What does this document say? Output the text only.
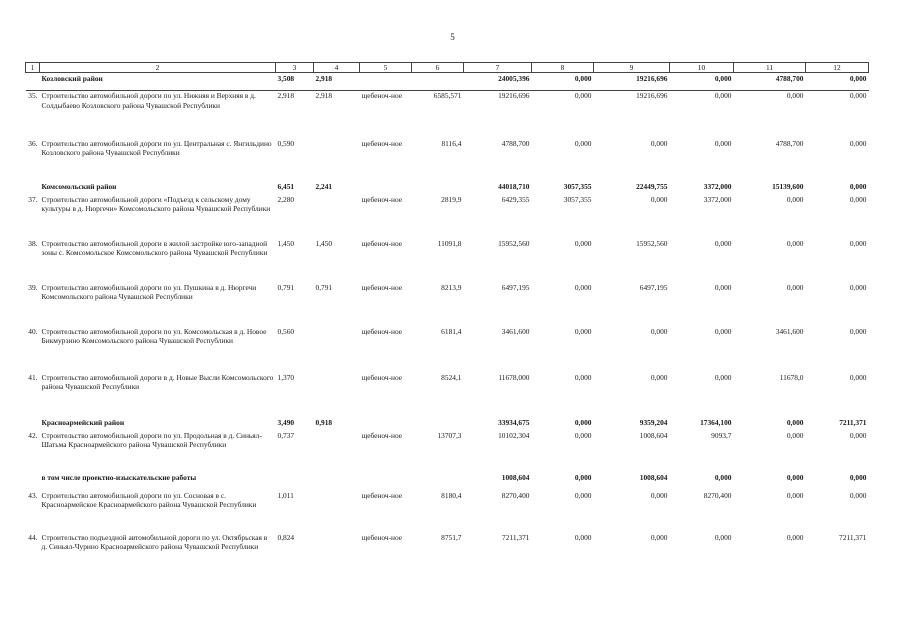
5
1	2	3	4	5	6	7	8	9	10	11	12
	Козловский район	3,508	2,918			24005,396	0,000	19216,696	0,000	4788,700	0,000
35.	Строительство автомобильной дороги по ул. Нижняя и Верхняя в д. Солдыбаево Козловского района Чувашской Республики	2,918	2,918	щебеноч-ное	6585,571	19216,696	0,000	19216,696	0,000	0,000	0,000
36.	Строительство автомобильной дороги по ул. Центральная с. Янгильдино Козловского района Чувашской Республики	0,590		щебеноч-ное	8116,4	4788,700	0,000	0,000	0,000	4788,700	0,000
	Комсомольский район	6,451	2,241			44018,710	3057,355	22449,755	3372,000	15139,600	0,000
37.	Строительство автомобильной дороги «Подъезд к сельскому дому культуры в д. Нюргечи» Комсомольского района Чувашской Республики	2,280		щебеноч-ное	2819,9	6429,355	3057,355	0,000	3372,000	0,000	0,000
38.	Строительство автомобильной дороги в жилой застройке юго-западной зоны с. Комсомольское Комсомольского района Чувашской Республики	1,450	1,450	щебеноч-ное	11091,8	15952,560	0,000	15952,560	0,000	0,000	0,000
39.	Строительство автомобильной дороги по ул. Пушкина в д. Нюргечи Комсомольского района Чувашской Республики	0,791	0,791	щебеноч-ное	8213,9	6497,195	0,000	6497,195	0,000	0,000	0,000
40.	Строительство автомобильной дороги по ул. Комсомольская в д. Новое Бикмурзино Комсомольского района Чувашской Республики	0,560		щебеноч-ное	6181,4	3461,600	0,000	0,000	0,000	3461,600	0,000
41.	Строительство автомобильной дороги в д. Новые Высли Комсомольского района Чувашской Республики	1,370		щебеноч-ное	8524,1	11678,000	0,000	0,000	0,000	11678,0	0,000
	Красноармейский район	3,490	0,918			33934,675	0,000	9359,204	17364,100	0,000	7211,371
42.	Строительство автомобильной дороги по ул. Продольная в д. Синьял-Шатьма Красноармейского района Чувашской Республики	0,737		щебеноч-ное	13707,3	10102,304	0,000	1008,604	9093,7	0,000	0,000
	в том числе проектно-изыскательские работы					1008,604	0,000	1008,604	0,000	0,000	0,000
43.	Строительство автомобильной дороги по ул. Сосновая в с. Красноармейское Красноармейского района Чувашской Республики	1,011		щебеноч-ное	8180,4	8270,400	0,000	0,000	8270,400	0,000	0,000
44.	Строительство подъездной автомобильной дороги по ул. Октябрьская в д. Синьял-Чурино Красноармейского района Чувашской Республики	0,824		щебеноч-ное	8751,7	7211,371	0,000	0,000	0,000	0,000	7211,371
